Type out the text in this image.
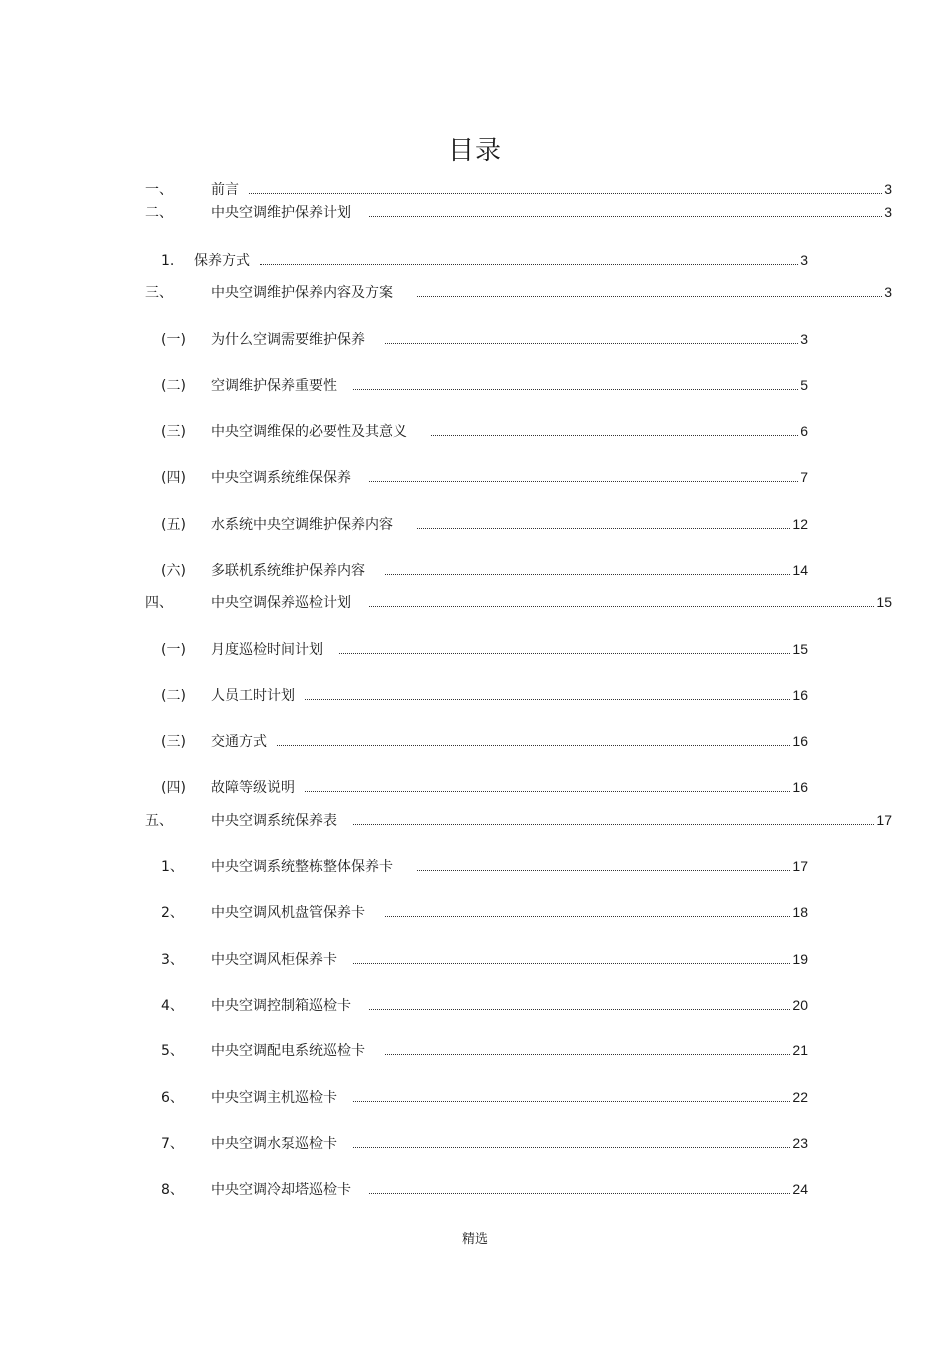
目录
一、	前言	3
二、	中央空调维护保养计划	3
1.	保养方式	3
三、	中央空调维护保养内容及方案	3
(一)	为什么空调需要维护保养	3
(二)	空调维护保养重要性	5
(三)	中央空调维保的必要性及其意义	6
(四)	中央空调系统维保保养	7
(五)	水系统中央空调维护保养内容	12
(六)	多联机系统维护保养内容	14
四、	中央空调保养巡检计划	15
(一)	月度巡检时间计划	15
(二)	人员工时计划	16
(三)	交通方式	16
(四)	故障等级说明	16
五、	中央空调系统保养表	17
1、	中央空调系统整栋整体保养卡	17
2、	中央空调风机盘管保养卡	18
3、	中央空调风柜保养卡	19
4、	中央空调控制箱巡检卡	20
5、	中央空调配电系统巡检卡	21
6、	中央空调主机巡检卡	22
7、	中央空调水泵巡检卡	23
8、	中央空调冷却塔巡检卡	24
精选
